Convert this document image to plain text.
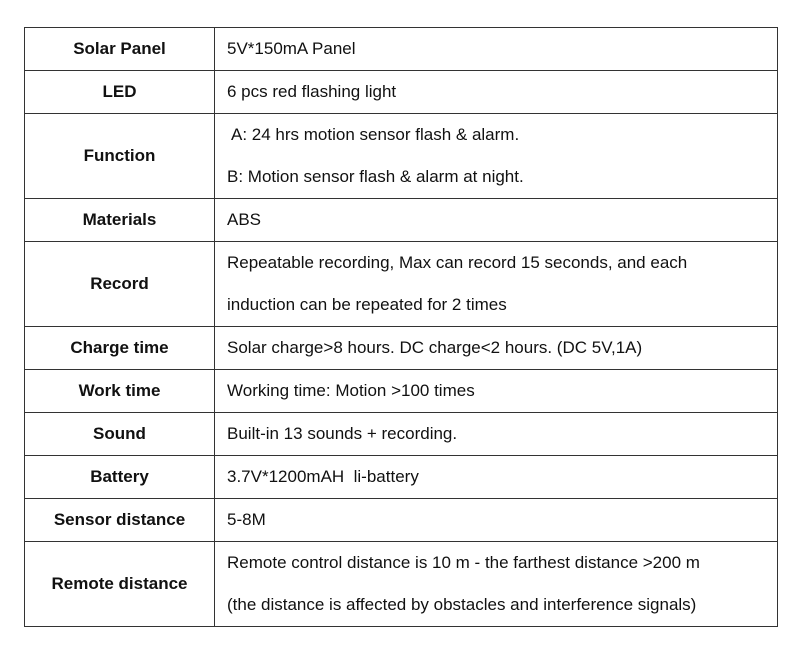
Solar Panel	5V*150mA Panel

LED	6 pcs red flashing light

Function	A: 24 hrs motion sensor flash & alarm.
B: Motion sensor flash & alarm at night.

Materials	ABS

Record	Repeatable recording, Max can record 15 seconds, and each
induction can be repeated for 2 times

Charge time	Solar charge>8 hours. DC charge<2 hours. (DC 5V,1A)

Work time	Working time: Motion >100 times

Sound	Built-in 13 sounds + recording.

Battery	3.7V*1200mAH  li-battery

Sensor distance	5-8M

Remote distance	Remote control distance is 10 m - the farthest distance >200 m
(the distance is affected by obstacles and interference signals)
